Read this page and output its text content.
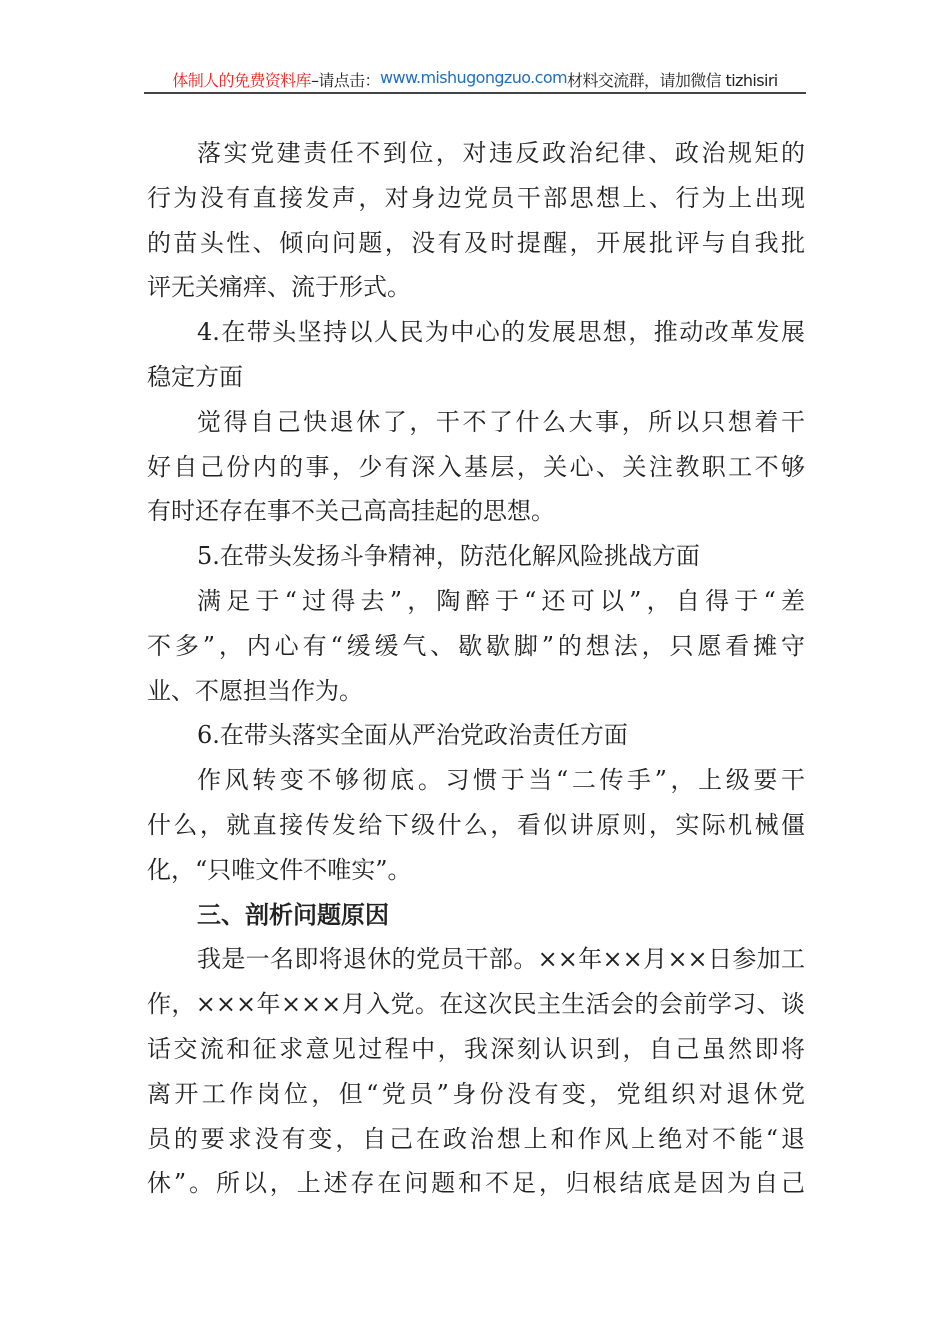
体制人的免费资料库 –请点击： www.mishugongzuo.com 材料交流群，请加微信 tizhisiri
落实党建责任不到位，对违反政治纪律、政治规矩的
行为没有直接发声，对身边党员干部思想上、行为上出现
的苗头性、倾向问题，没有及时提醒，开展批评与自我批
评无关痛痒、流于形式。
4.在带头坚持以人民为中心的发展思想，推动改革发展
稳定方面
觉得自己快退休了，干不了什么大事，所以只想着干
好自己份内的事，少有深入基层，关心、关注教职工不够
有时还存在事不关己高高挂起的思想。
5.在带头发扬斗争精神，防范化解风险挑战方面
满足于“过得去”，陶醉于“还可以”，自得于“差
不多”，内心有“缓缓气、歇歇脚”的想法，只愿看摊守
业、不愿担当作为。
6.在带头落实全面从严治党政治责任方面
作风转变不够彻底。习惯于当“二传手”，上级要干
什么，就直接传发给下级什么，看似讲原则，实际机械僵
化，“只唯文件不唯实”。
三、剖析问题原因
我是一名即将退休的党员干部。××年××月××日参加工
作，×××年×××月入党。在这次民主生活会的会前学习、谈
话交流和征求意见过程中，我深刻认识到，自己虽然即将
离开工作岗位，但“党员”身份没有变，党组织对退休党
员的要求没有变，自己在政治想上和作风上绝对不能“退
休”。所以，上述存在问题和不足，归根结底是因为自己
